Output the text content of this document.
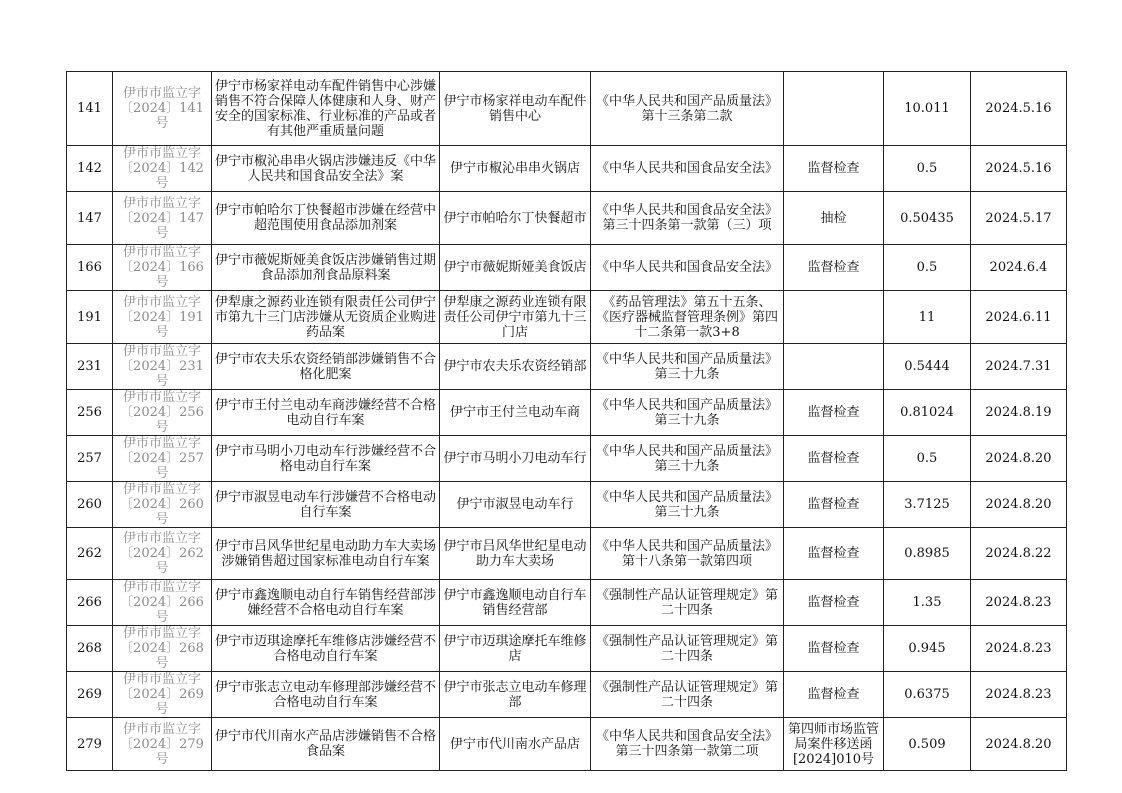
141	伊市市监立字〔2024〕141号	伊宁市杨家祥电动车配件销售中心涉嫌销售不符合保障人体健康和人身、财产安全的国家标准、行业标准的产品或者有其他严重质量问题	伊宁市杨家祥电动车配件销售中心	《中华人民共和国产品质量法》第十三条第二款		10.011	2024.5.16
142	伊市市监立字〔2024〕142号	伊宁市椒沁串串火锅店涉嫌违反《中华人民共和国食品安全法》案	伊宁市椒沁串串火锅店	《中华人民共和国食品安全法》	监督检查	0.5	2024.5.16
147	伊市市监立字〔2024〕147号	伊宁市帕哈尔丁快餐超市涉嫌在经营中超范围使用食品添加剂案	伊宁市帕哈尔丁快餐超市	《中华人民共和国食品安全法》第三十四条第一款第（三）项	抽检	0.50435	2024.5.17
166	伊市市监立字〔2024〕166号	伊宁市薇妮斯娅美食饭店涉嫌销售过期食品添加剂食品原料案	伊宁市薇妮斯娅美食饭店	《中华人民共和国食品安全法》	监督检查	0.5	2024.6.4
191	伊市市监立字〔2024〕191号	伊犁康之源药业连锁有限责任公司伊宁市第九十三门店涉嫌从无资质企业购进药品案	伊犁康之源药业连锁有限责任公司伊宁市第九十三门店	《药品管理法》第五十五条、《医疗器械监督管理条例》第四十二条第一款3+8		11	2024.6.11
231	伊市市监立字〔2024〕231号	伊宁市农夫乐农资经销部涉嫌销售不合格化肥案	伊宁市农夫乐农资经销部	《中华人民共和国产品质量法》第三十九条		0.5444	2024.7.31
256	伊市市监立字〔2024〕256号	伊宁市王付兰电动车商涉嫌经营不合格电动自行车案	伊宁市王付兰电动车商	《中华人民共和国产品质量法》第三十九条	监督检查	0.81024	2024.8.19
257	伊市市监立字〔2024〕257号	伊宁市马明小刀电动车行涉嫌经营不合格电动自行车案	伊宁市马明小刀电动车行	《中华人民共和国产品质量法》第三十九条	监督检查	0.5	2024.8.20
260	伊市市监立字〔2024〕260号	伊宁市淑昱电动车行涉嫌营不合格电动自行车案	伊宁市淑昱电动车行	《中华人民共和国产品质量法》第三十九条	监督检查	3.7125	2024.8.20
262	伊市市监立字〔2024〕262号	伊宁市吕风华世纪星电动助力车大卖场涉嫌销售超过国家标准电动自行车案	伊宁市吕风华世纪星电动助力车大卖场	《中华人民共和国产品质量法》第十八条第一款第四项	监督检查	0.8985	2024.8.22
266	伊市市监立字〔2024〕266号	伊宁市鑫逸顺电动自行车销售经营部涉嫌经营不合格电动自行车案	伊宁市鑫逸顺电动自行车销售经营部	《强制性产品认证管理规定》第二十四条	监督检查	1.35	2024.8.23
268	伊市市监立字〔2024〕268号	伊宁市迈琪途摩托车维修店涉嫌经营不合格电动自行车案	伊宁市迈琪途摩托车维修店	《强制性产品认证管理规定》第二十四条	监督检查	0.945	2024.8.23
269	伊市市监立字〔2024〕269号	伊宁市张志立电动车修理部涉嫌经营不合格电动自行车案	伊宁市张志立电动车修理部	《强制性产品认证管理规定》第二十四条	监督检查	0.6375	2024.8.23
279	伊市市监立字〔2024〕279号	伊宁市代川南水产品店涉嫌销售不合格食品案	伊宁市代川南水产品店	《中华人民共和国食品安全法》第三十四条第一款第二项	第四师市场监管局案件移送函[2024]010号	0.509	2024.8.20
